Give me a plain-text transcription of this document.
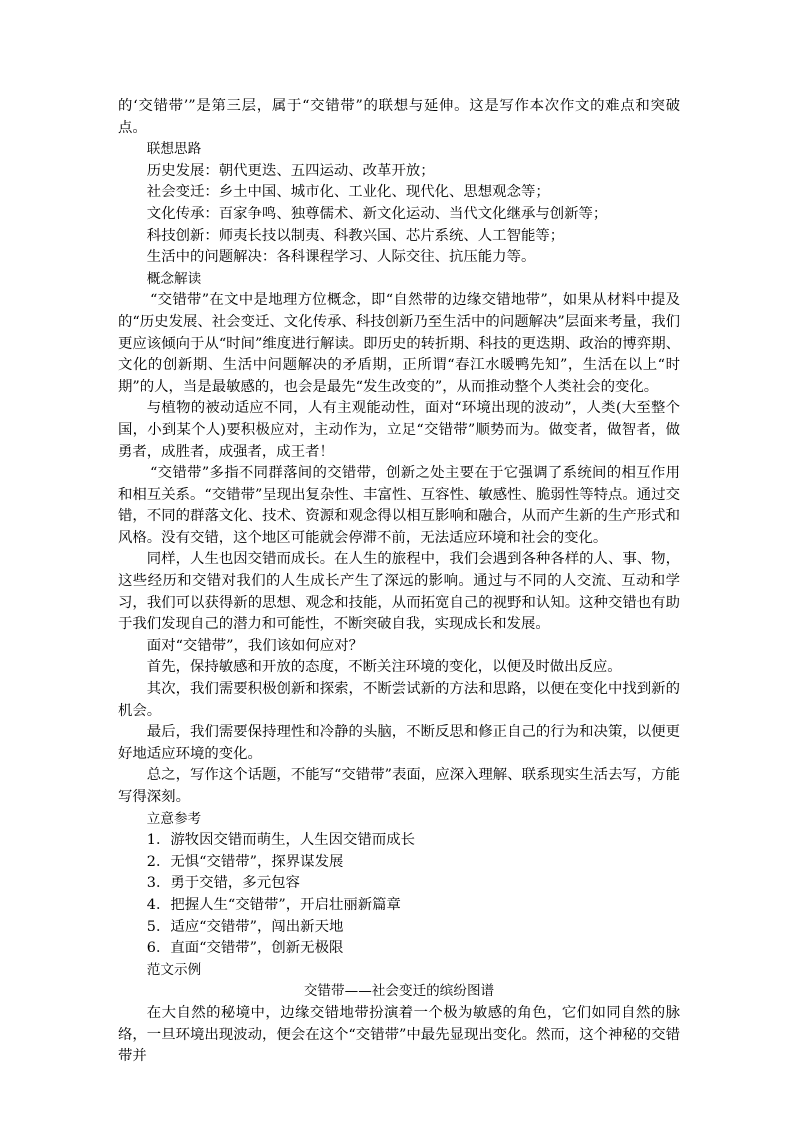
的‘交错带’”是第三层，属于“交错带”的联想与延伸。这是写作本次作文的难点和突破点。

联想思路

历史发展：朝代更迭、五四运动、改革开放；

社会变迁：乡土中国、城市化、工业化、现代化、思想观念等；

文化传承：百家争鸣、独尊儒术、新文化运动、当代文化继承与创新等；

科技创新：师夷长技以制夷、科教兴国、芯片系统、人工智能等；

生活中的问题解决：各科课程学习、人际交往、抗压能力等。

概念解读

“交错带”在文中是地理方位概念，即“自然带的边缘交错地带”，如果从材料中提及的“历史发展、社会变迁、文化传承、科技创新乃至生活中的问题解决”层面来考量，我们更应该倾向于从“时间”维度进行解读。即历史的转折期、科技的更迭期、政治的博弈期、文化的创新期、生活中问题解决的矛盾期，正所谓“春江水暖鸭先知”，生活在以上“时期”的人，当是最敏感的，也会是最先“发生改变的”，从而推动整个人类社会的变化。

与植物的被动适应不同，人有主观能动性，面对“环境出现的波动”，人类(大至整个国，小到某个人)要积极应对，主动作为，立足“交错带”顺势而为。做变者，做智者，做勇者，成胜者，成强者，成王者！

“交错带”多指不同群落间的交错带，创新之处主要在于它强调了系统间的相互作用和相互关系。“交错带”呈现出复杂性、丰富性、互容性、敏感性、脆弱性等特点。通过交错，不同的群落文化、技术、资源和观念得以相互影响和融合，从而产生新的生产形式和风格。没有交错，这个地区可能就会停滞不前，无法适应环境和社会的变化。

同样，人生也因交错而成长。在人生的旅程中，我们会遇到各种各样的人、事、物，这些经历和交错对我们的人生成长产生了深远的影响。通过与不同的人交流、互动和学习，我们可以获得新的思想、观念和技能，从而拓宽自己的视野和认知。这种交错也有助于我们发现自己的潜力和可能性，不断突破自我，实现成长和发展。

面对“交错带”，我们该如何应对？

首先，保持敏感和开放的态度，不断关注环境的变化，以便及时做出反应。

其次，我们需要积极创新和探索，不断尝试新的方法和思路，以便在变化中找到新的机会。

最后，我们需要保持理性和冷静的头脑，不断反思和修正自己的行为和决策，以便更好地适应环境的变化。

总之，写作这个话题，不能写“交错带”表面，应深入理解、联系现实生活去写，方能写得深刻。

立意参考

1．游牧因交错而萌生，人生因交错而成长

2．无惧“交错带”，探界谋发展

3．勇于交错，多元包容

4．把握人生“交错带”，开启壮丽新篇章

5．适应“交错带”，闯出新天地

6．直面“交错带”，创新无极限

范文示例

交错带——社会变迁的缤纷图谱

在大自然的秘境中，边缘交错地带扮演着一个极为敏感的角色，它们如同自然的脉络，一旦环境出现波动，便会在这个“交错带”中最先显现出变化。然而，这个神秘的交错带并
